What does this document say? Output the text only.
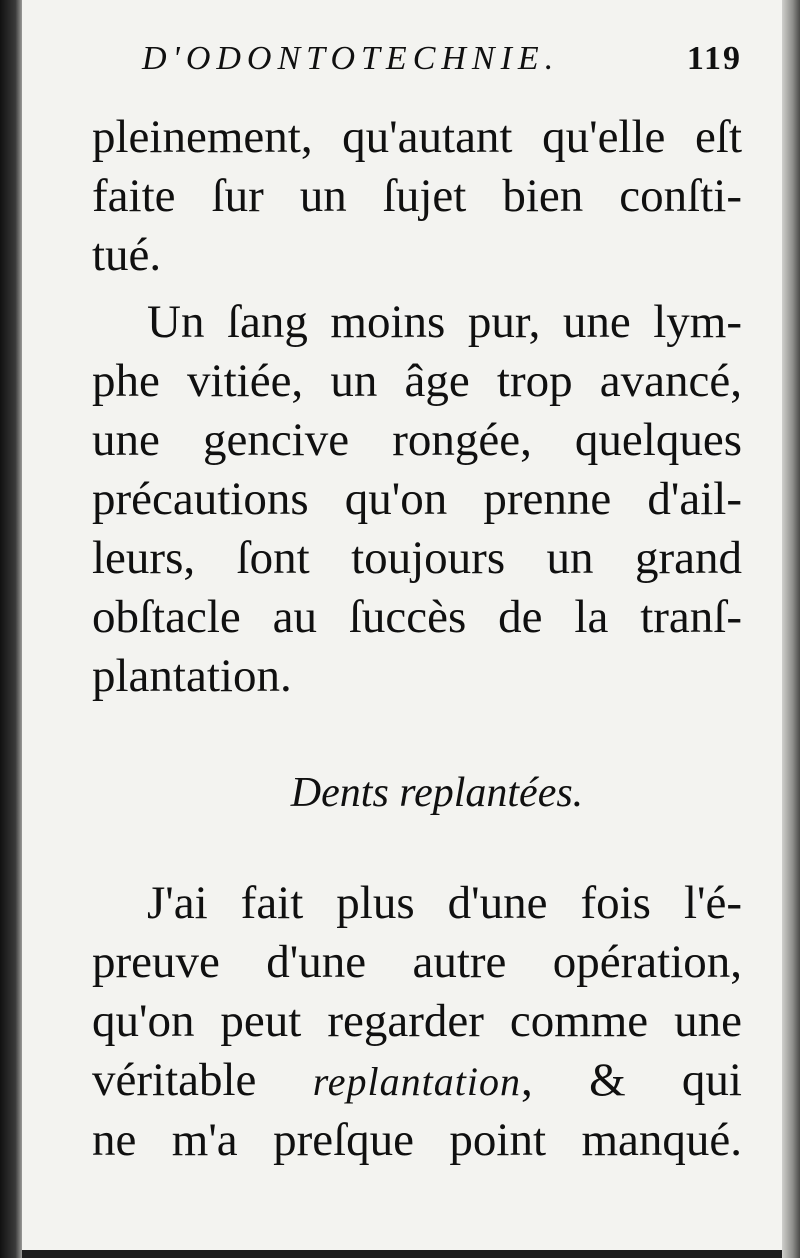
D'ODONTOTECHNIE.	119

pleinement, qu'autant qu'elle eſt
faite ſur un ſujet bien conſti-
tué.

Un ſang moins pur, une lym-
phe vitiée, un âge trop avancé,
une gencive rongée, quelques
précautions qu'on prenne d'ail-
leurs, ſont toujours un grand
obſtacle au ſuccès de la tranſ-
plantation.

Dents replantées.

J'ai fait plus d'une fois l'é-
preuve d'une autre opération,
qu'on peut regarder comme une
véritable replantation, & qui
ne m'a preſque point manqué.
